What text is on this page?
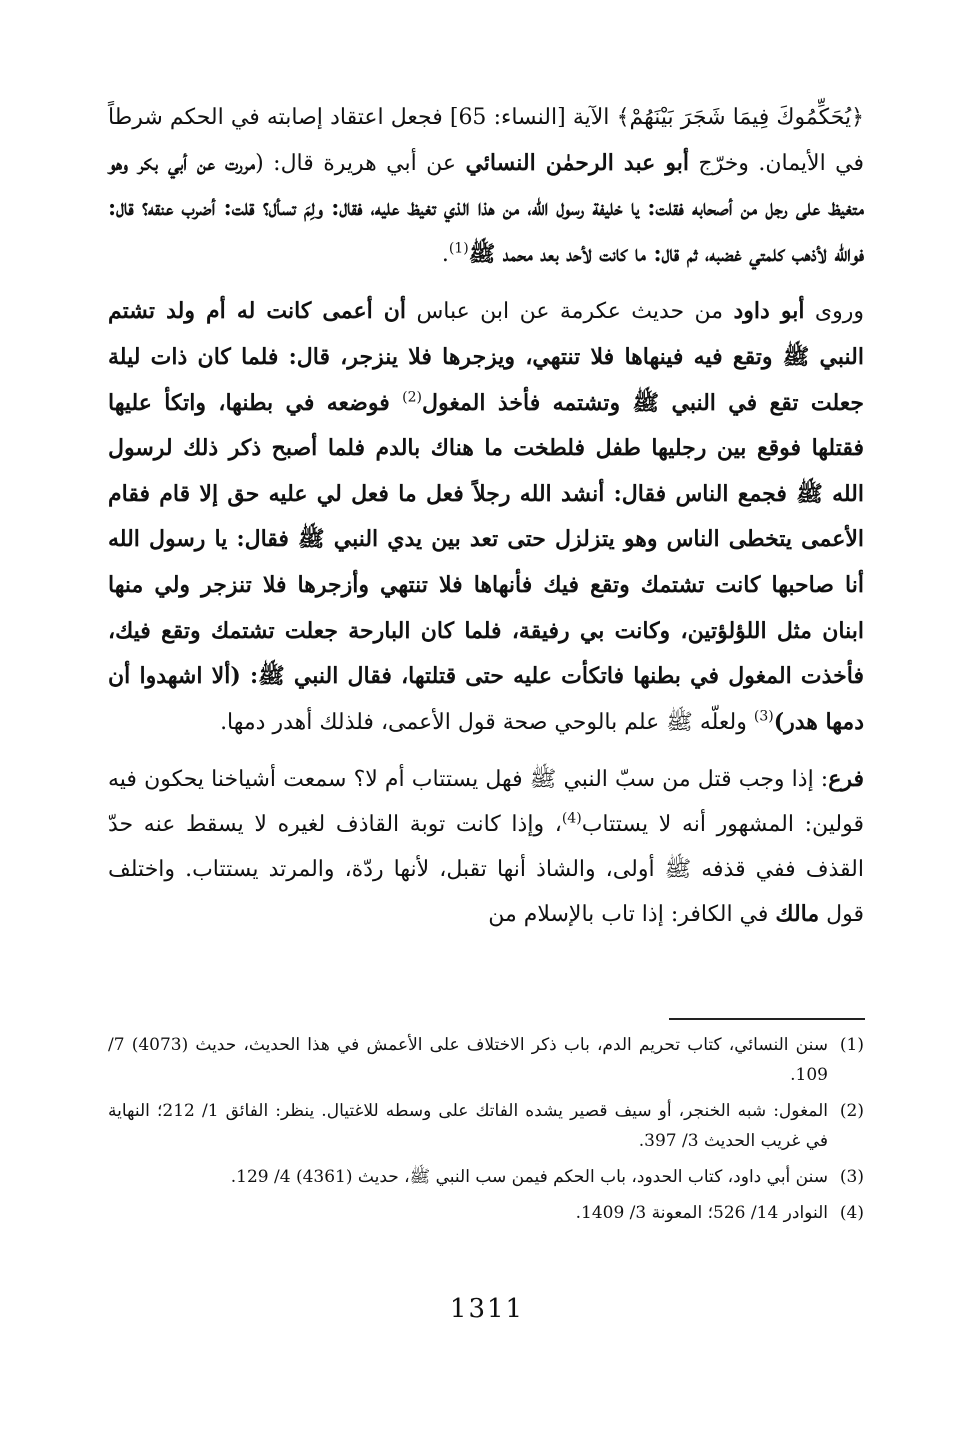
﴿يُحَكِّمُوكَ فِيمَا شَجَرَ بَيْنَهُمْ﴾ الآية [النساء: 65] فجعل اعتقاد إصابته في الحكم شرطاً في الأيمان. وخرّج أبو عبد الرحمٰن النسائي عن أبي هريرة قال: (مررت عن أبي بكر وهو متغيظ على رجل من أصحابه فقلت: يا خليفة رسول الله، من هذا الذي تغيظ عليه، فقال: ولِمَ تسأل؟ قلت: أضرب عنقه؟ قال: فوالله لأذهب كلمتي غضبه، ثم قال: ما كانت لأحد بعد محمد ﷺ$^{(1)}$.

وروى أبو داود من حديث عكرمة عن ابن عباس أن أعمى كانت له أم ولد تشتم النبي ﷺ وتقع فيه فينهاها فلا تنتهي، ويزجرها فلا ينزجر، قال: فلما كان ذات ليلة جعلت تقع في النبي ﷺ وتشتمه فأخذ المغول$^{(2)}$ فوضعه في بطنها، واتكأ عليها فقتلها فوقع بين رجليها طفل فلطخت ما هناك بالدم فلما أصبح ذكر ذلك لرسول الله ﷺ فجمع الناس فقال: أنشد الله رجلاً فعل ما فعل لي عليه حق إلا قام فقام الأعمى يتخطى الناس وهو يتزلزل حتى تعد بين يدي النبي ﷺ فقال: يا رسول الله أنا صاحبها كانت تشتمك وتقع فيك فأنهاها فلا تنتهي وأزجرها فلا تنزجر ولي منها ابنان مثل اللؤلؤتين، وكانت بي رفيقة، فلما كان البارحة جعلت تشتمك وتقع فيك، فأخذت المغول في بطنها فاتكأت عليه حتى قتلتها، فقال النبي ﷺ: (ألا اشهدوا أن دمها هدر)$^{(3)}$ ولعلّه ﷺ علم بالوحي صحة قول الأعمى، فلذلك أهدر دمها.

فرع: إذا وجب قتل من سبّ النبي ﷺ فهل يستتاب أم لا؟ سمعت أشياخنا يحكون فيه قولين: المشهور أنه لا يستتاب$^{(4)}$، وإذا كانت توبة القاذف لغيره لا يسقط عنه حدّ القذف ففي قذفه ﷺ أولى، والشاذ أنها تقبل، لأنها ردّة، والمرتد يستتاب. واختلف قول مالك في الكافر: إذا تاب بالإسلام من

(1)
سنن النسائي، كتاب تحريم الدم، باب ذكر الاختلاف على الأعمش في هذا الحديث، حديث (4073) 7/ 109.
(2)
المغول: شبه الخنجر، أو سيف قصير يشده الفاتك على وسطه للاغتيال. ينظر: الفائق 1/ 212؛ النهاية في غريب الحديث 3/ 397.
(3)
سنن أبي داود، كتاب الحدود، باب الحكم فيمن سب النبي ﷺ، حديث (4361) 4/ 129.
(4)
النوادر 14/ 526؛ المعونة 3/ 1409.
1311
